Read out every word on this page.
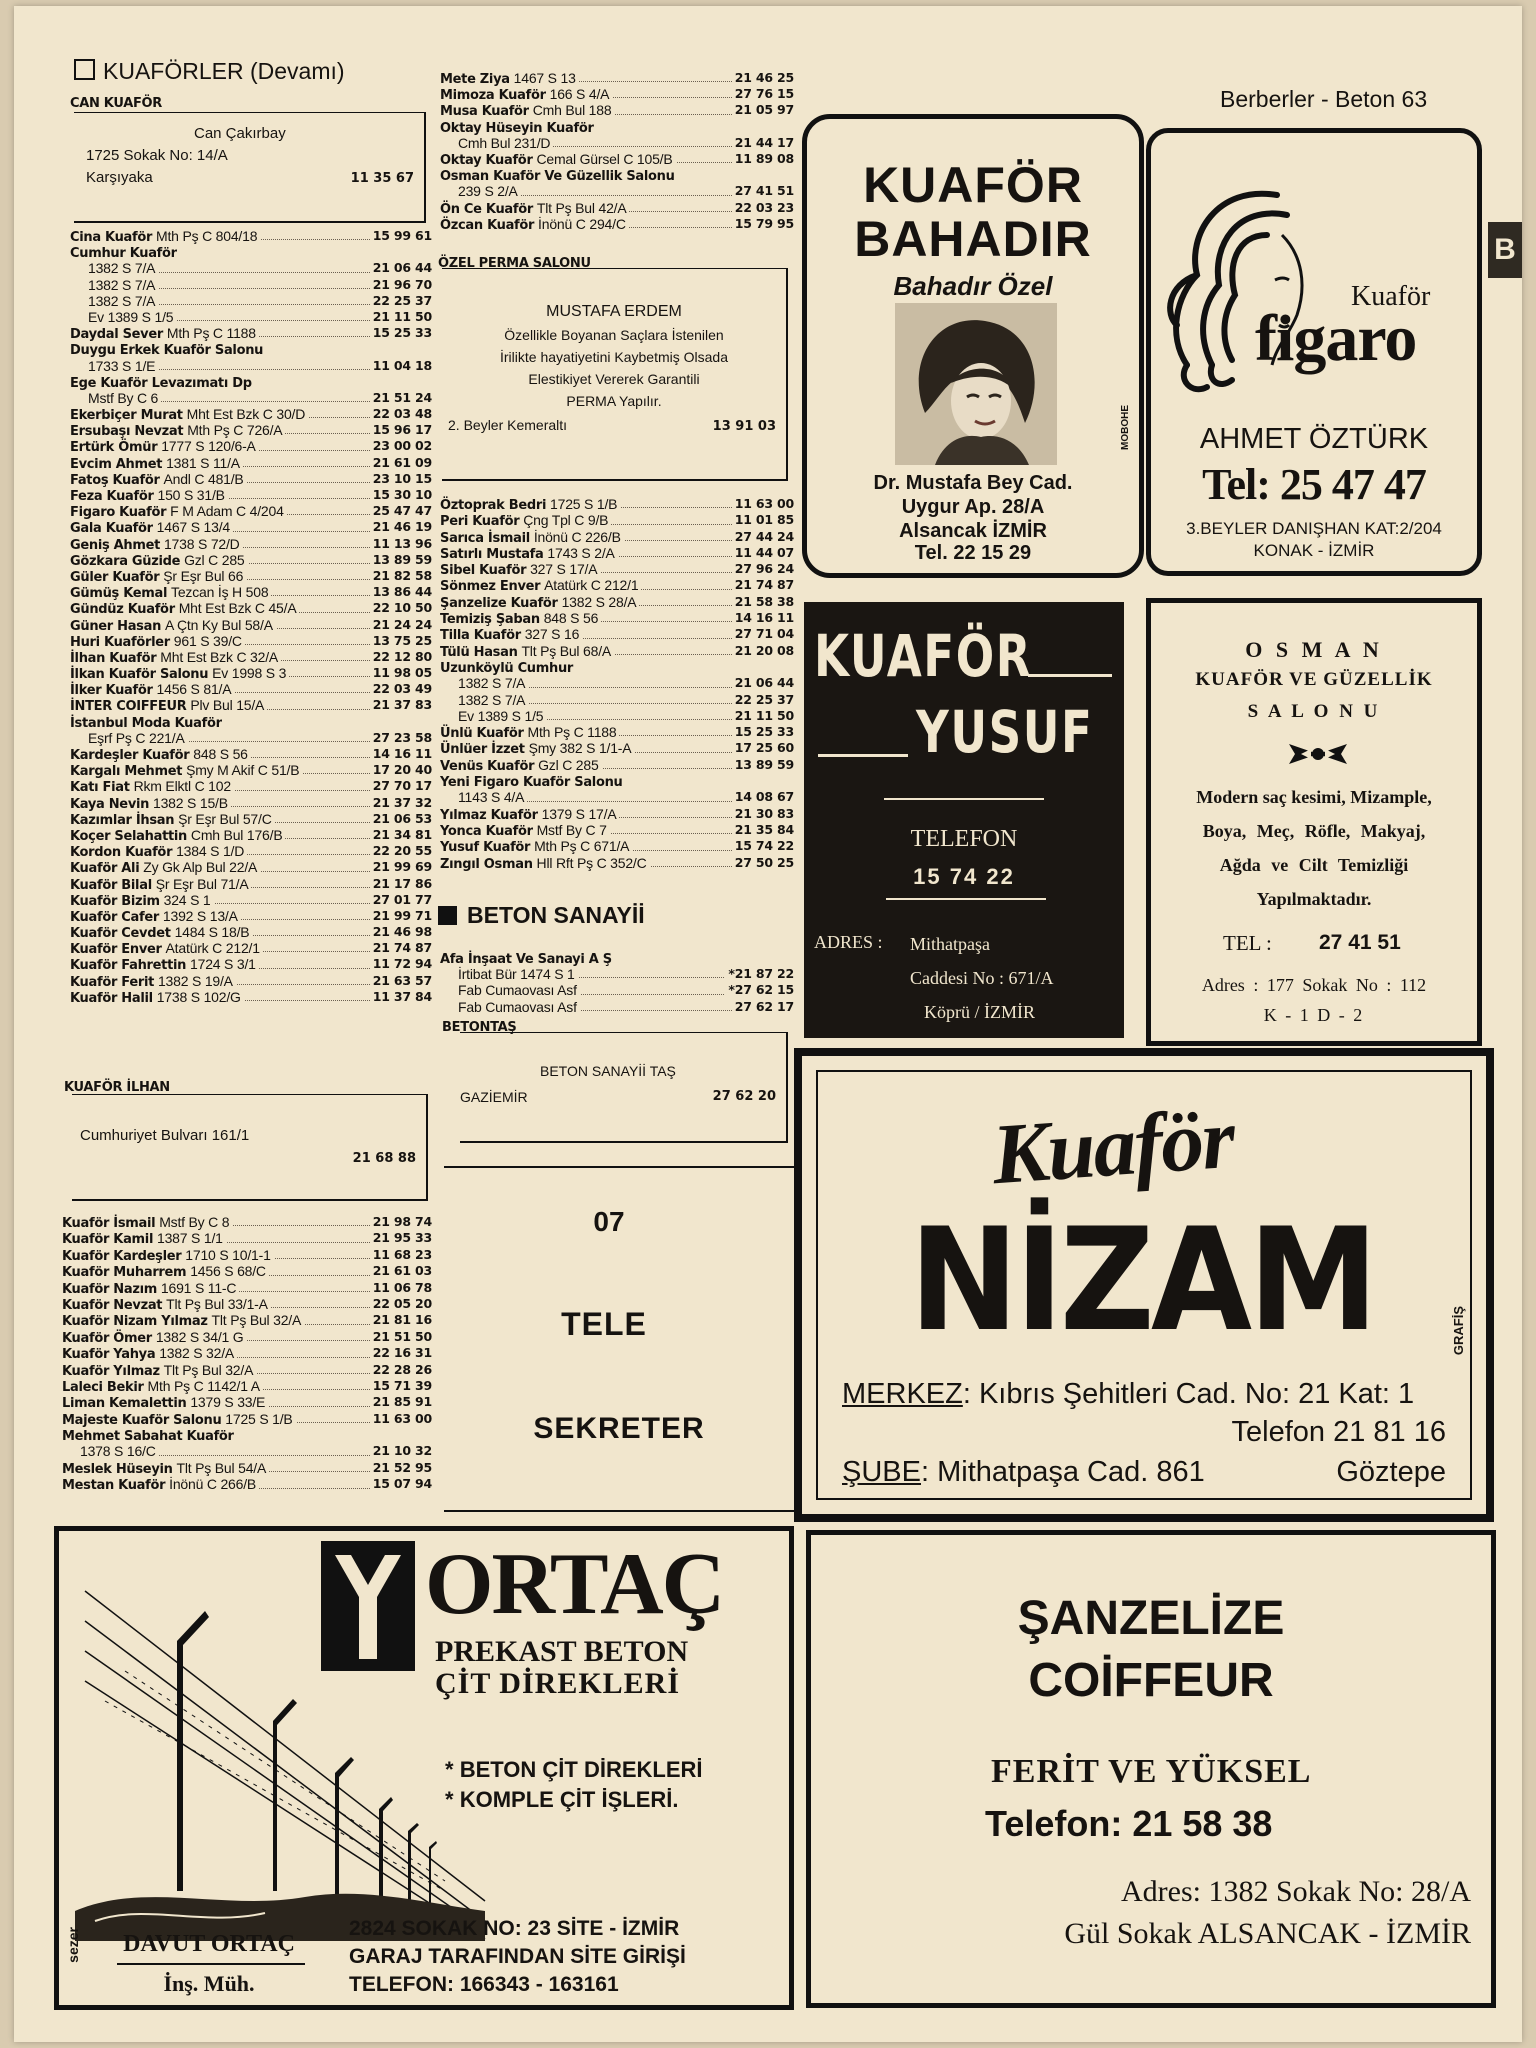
KUAFÖRLER (Devamı)
Berberler - Beton 63
B
CAN KUAFÖR
Can Çakırbay
1725 Sokak No: 14/A
Karşıyaka	11 35 67
Cina Kuaför Mth Pş C 804/18	15 99 61
Cumhur Kuaför
1382 S 7/A	21 06 44
1382 S 7/A	21 96 70
1382 S 7/A	22 25 37
Ev 1389 S 1/5	21 11 50
Daydal Sever Mth Pş C 1188	15 25 33
Duygu Erkek Kuaför Salonu
1733 S 1/E	11 04 18
Ege Kuaför Levazımatı Dp
Mstf By C 6	21 51 24
Ekerbiçer Murat Mht Est Bzk C 30/D	22 03 48
Ersubaşı Nevzat Mth Pş C 726/A	15 96 17
Ertürk Ömür 1777 S 120/6-A	23 00 02
Evcim Ahmet 1381 S 11/A	21 61 09
Fatoş Kuaför Andl C 481/B	23 10 15
Feza Kuaför 150 S 31/B	15 30 10
Figaro Kuaför F M Adam C 4/204	25 47 47
Gala Kuaför 1467 S 13/4	21 46 19
Geniş Ahmet 1738 S 72/D	11 13 96
Gözkara Güzide Gzl C 285	13 89 59
Güler Kuaför Şr Eşr Bul 66	21 82 58
Gümüş Kemal Tezcan İş H 508	13 86 44
Gündüz Kuaför Mht Est Bzk C 45/A	22 10 50
Güner Hasan A Çtn Ky Bul 58/A	21 24 24
Huri Kuaförler 961 S 39/C	13 75 25
İlhan Kuaför Mht Est Bzk C 32/A	22 12 80
İlkan Kuaför Salonu Ev 1998 S 3	11 98 05
İlker Kuaför 1456 S 81/A	22 03 49
İNTER COIFFEUR Plv Bul 15/A	21 37 83
İstanbul Moda Kuaför
Eşrf Pş C 221/A	27 23 58
Kardeşler Kuaför 848 S 56	14 16 11
Kargalı Mehmet Şmy M Akif C 51/B	17 20 40
Katı Fiat Rkm Elktl C 102	27 70 17
Kaya Nevin 1382 S 15/B	21 37 32
Kazımlar İhsan Şr Eşr Bul 57/C	21 06 53
Koçer Selahattin Cmh Bul 176/B	21 34 81
Kordon Kuaför 1384 S 1/D	22 20 55
Kuaför Ali Zy Gk Alp Bul 22/A	21 99 69
Kuaför Bilal Şr Eşr Bul 71/A	21 17 86
Kuaför Bizim 324 S 1	27 01 77
Kuaför Cafer 1392 S 13/A	21 99 71
Kuaför Cevdet 1484 S 18/B	21 46 98
Kuaför Enver Atatürk C 212/1	21 74 87
Kuaför Fahrettin 1724 S 3/1	11 72 94
Kuaför Ferit 1382 S 19/A	21 63 57
Kuaför Halil 1738 S 102/G	11 37 84
KUAFÖR İLHAN
Cumhuriyet Bulvarı 161/1
21 68 88
Kuaför İsmail Mstf By C 8	21 98 74
Kuaför Kamil 1387 S 1/1	21 95 33
Kuaför Kardeşler 1710 S 10/1-1	11 68 23
Kuaför Muharrem 1456 S 68/C	21 61 03
Kuaför Nazım 1691 S 11-C	11 06 78
Kuaför Nevzat Tlt Pş Bul 33/1-A	22 05 20
Kuaför Nizam Yılmaz Tlt Pş Bul 32/A	21 81 16
Kuaför Ömer 1382 S 34/1 G	21 51 50
Kuaför Yahya 1382 S 32/A	22 16 31
Kuaför Yılmaz Tlt Pş Bul 32/A	22 28 26
Laleci Bekir Mth Pş C 1142/1 A	15 71 39
Liman Kemalettin 1379 S 33/E	21 85 91
Majeste Kuaför Salonu 1725 S 1/B	11 63 00
Mehmet Sabahat Kuaför
1378 S 16/C	21 10 32
Meslek Hüseyin Tlt Pş Bul 54/A	21 52 95
Mestan Kuaför İnönü C 266/B	15 07 94
Mete Ziya 1467 S 13	21 46 25
Mimoza Kuaför 166 S 4/A	27 76 15
Musa Kuaför Cmh Bul 188	21 05 97
Oktay Hüseyin Kuaför
Cmh Bul 231/D	21 44 17
Oktay Kuaför Cemal Gürsel C 105/B	11 89 08
Osman Kuaför Ve Güzellik Salonu
239 S 2/A	27 41 51
Ön Ce Kuaför Tlt Pş Bul 42/A	22 03 23
Özcan Kuaför İnönü C 294/C	15 79 95
ÖZEL PERMA SALONU
MUSTAFA ERDEM
Özellikle Boyanan Saçlara İstenilen
İrilikte hayatiyetini Kaybetmiş Olsada
Elestikiyet Vererek Garantili
PERMA Yapılır.
2. Beyler Kemeraltı	13 91 03
Öztoprak Bedri 1725 S 1/B	11 63 00
Peri Kuaför Çng Tpl C 9/B	11 01 85
Sarıca İsmail İnönü C 226/B	27 44 24
Satırlı Mustafa 1743 S 2/A	11 44 07
Sibel Kuaför 327 S 17/A	27 96 24
Sönmez Enver Atatürk C 212/1	21 74 87
Şanzelize Kuaför 1382 S 28/A	21 58 38
Temiziş Şaban 848 S 56	14 16 11
Tilla Kuaför 327 S 16	27 71 04
Tülü Hasan Tlt Pş Bul 68/A	21 20 08
Uzunköylü Cumhur
1382 S 7/A	21 06 44
1382 S 7/A	22 25 37
Ev 1389 S 1/5	21 11 50
Ünlü Kuaför Mth Pş C 1188	15 25 33
Ünlüer İzzet Şmy 382 S 1/1-A	17 25 60
Venüs Kuaför Gzl C 285	13 89 59
Yeni Figaro Kuaför Salonu
1143 S 4/A	14 08 67
Yılmaz Kuaför 1379 S 17/A	21 30 83
Yonca Kuaför Mstf By C 7	21 35 84
Yusuf Kuaför Mth Pş C 671/A	15 74 22
Zıngıl Osman Hll Rft Pş C 352/C	27 50 25
BETON SANAYİİ
Afa İnşaat Ve Sanayi A Ş
İrtibat Bür 1474 S 1	*21 87 22
Fab Cumaovası Asf	*27 62 15
Fab Cumaovası Asf	27 62 17
BETONTAŞ
BETON SANAYİİ TAŞ
GAZİEMİR	27 62 20
07
TELE
SEKRETER
KUAFÖR
BAHADIR
Bahadır Özel
MOBOHE
Dr. Mustafa Bey Cad.
Uygur Ap. 28/A
Alsancak İZMİR
Tel. 22 15 29
Kuaför
figaro
AHMET ÖZTÜRK
Tel: 25 47 47
3.BEYLER DANIŞHAN KAT:2/204
KONAK - İZMİR
KUAFÖR
YUSUF
TELEFON
15 74 22
ADRES : Mithatpaşa
Caddesi No : 671/A
Köprü / İZMİR
O S M A N
KUAFÖR VE GÜZELLİK
S A L O N U
Modern saç kesimi, Mizample,
Boya, Meç, Röfle, Makyaj,
Ağda ve Cilt Temizliği
Yapılmaktadır.
TEL : 27 41 51
Adres : 177 Sokak No : 112
K - 1 D - 2
Kuaför
NİZAM	GRAFİŞ
MERKEZ: Kıbrıs Şehitleri Cad. No: 21 Kat: 1
Telefon 21 81 16
ŞUBE: Mithatpaşa Cad. 861	Göztepe
ORTAÇ
PREKAST BETON
ÇİT DİREKLERİ
* BETON ÇİT DİREKLERİ
* KOMPLE ÇİT İŞLERİ.
sezer	DAVUT ORTAÇ
İnş. Müh.
2824 SOKAK NO: 23 SİTE - İZMİR
GARAJ TARAFINDAN SİTE GİRİŞİ
TELEFON: 166343 - 163161
ŞANZELİZE
COİFFEUR
FERİT VE YÜKSEL
Telefon: 21 58 38
Adres: 1382 Sokak No: 28/A
Gül Sokak ALSANCAK - İZMİR
